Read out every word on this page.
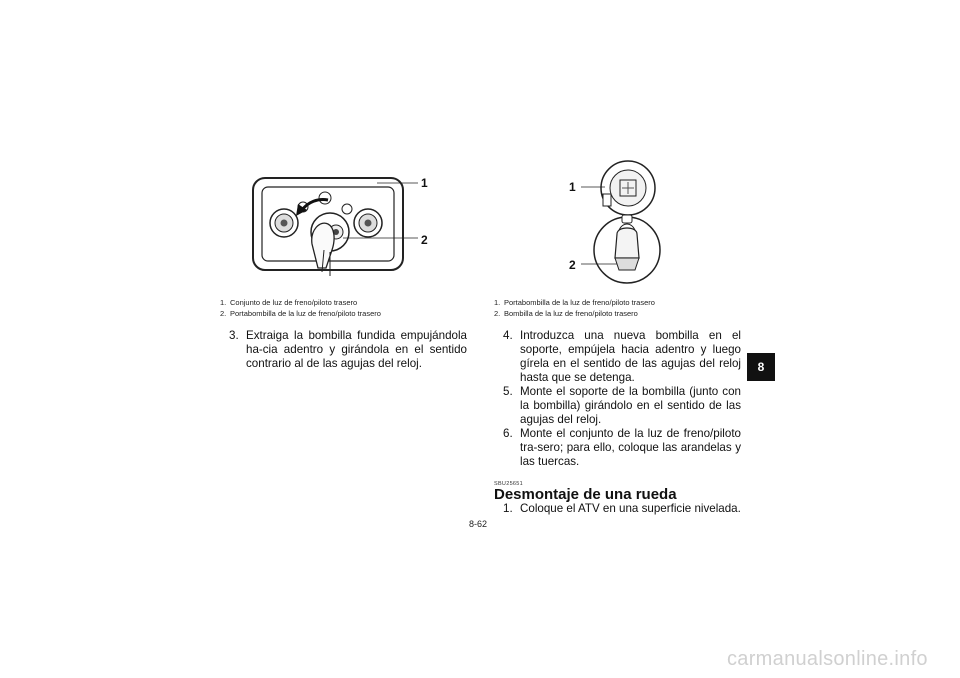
1
2
1. Conjunto de luz de freno/piloto trasero
2. Portabombilla de la luz de freno/piloto trasero
3. Extraiga la bombilla fundida empujándola ha-cia adentro y girándola en el sentido contrario al de las agujas del reloj.
1
2
1. Portabombilla de la luz de freno/piloto trasero
2. Bombilla de la luz de freno/piloto trasero
4. Introduzca una nueva bombilla en el soporte, empújela hacia adentro y luego gírela en el sentido de las agujas del reloj hasta que se detenga.
5. Monte el soporte de la bombilla (junto con la bombilla) girándolo en el sentido de las agujas del reloj.
6. Monte el conjunto de la luz de freno/piloto tra-sero; para ello, coloque las arandelas y las tuercas.
SBU25651
Desmontaje de una rueda
1. Coloque el ATV en una superficie nivelada.
8
8-62
carmanualsonline.info
